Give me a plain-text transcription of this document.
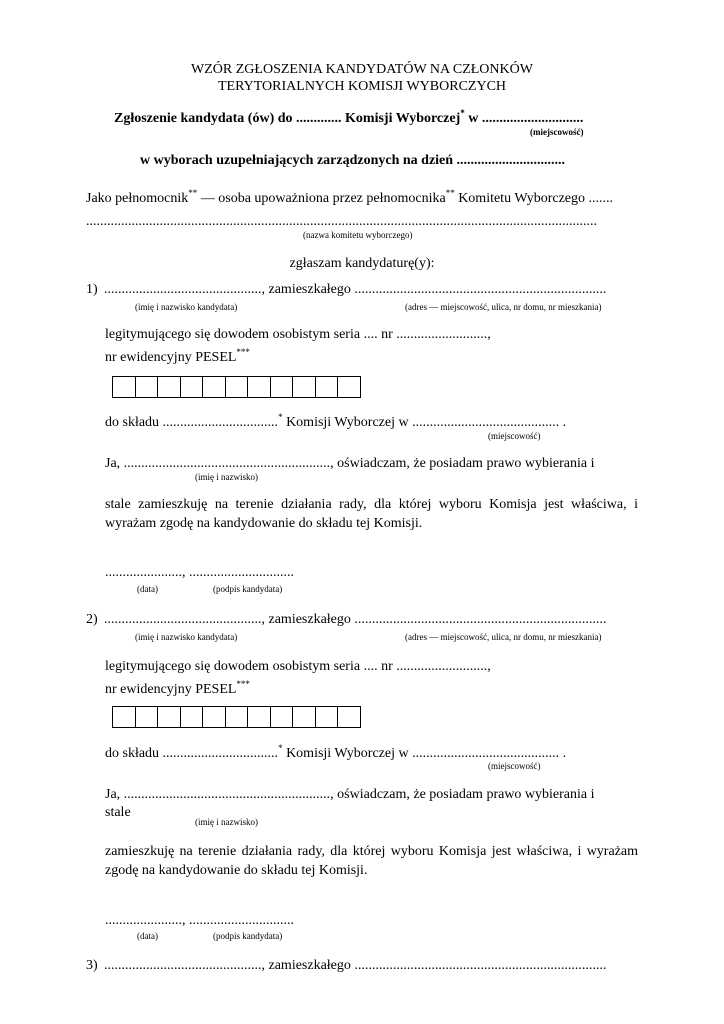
WZÓR ZGŁOSZENIA KANDYDATÓW NA CZŁONKÓW
TERYTORIALNYCH KOMISJI WYBORCZYCH
Zgłoszenie kandydata (ów) do ............. Komisji Wyborczej* w .............................
(miejscowość)
w wyborach uzupełniających zarządzonych na dzień ...............................
Jako pełnomocnik** — osoba upoważniona przez pełnomocnika** Komitetu Wyborczego .......
..................................................................................................................................................
(nazwa komitetu wyborczego)
zgłaszam kandydaturę(y):
1) ............................................., zamieszkałego ........................................................................
(imię i nazwisko kandydata)	(adres — miejscowość, ulica, nr domu, nr mieszkania)
legitymującego się dowodem osobistym seria .... nr ..........................,
nr ewidencyjny PESEL***
do składu .................................* Komisji Wyborczej w .......................................... .
(miejscowość)
Ja, ..........................................................., oświadczam, że posiadam prawo wybierania i
(imię i nazwisko)
stale zamieszkuję na terenie działania rady, dla której wyboru Komisja jest właściwa, i wyrażam zgodę na kandydowanie do składu tej Komisji.
......................, ..............................
(data)	(podpis kandydata)
2) ............................................., zamieszkałego ........................................................................
(imię i nazwisko kandydata)	(adres — miejscowość, ulica, nr domu, nr mieszkania)
legitymującego się dowodem osobistym seria .... nr ..........................,
nr ewidencyjny PESEL***
do składu .................................* Komisji Wyborczej w .......................................... .
(miejscowość)
Ja, ..........................................................., oświadczam, że posiadam prawo wybierania i
stale
(imię i nazwisko)
zamieszkuję na terenie działania rady, dla której wyboru Komisja jest właściwa, i wyrażam zgodę na kandydowanie do składu tej Komisji.
......................, ..............................
(data)	(podpis kandydata)
3) ............................................., zamieszkałego ........................................................................
